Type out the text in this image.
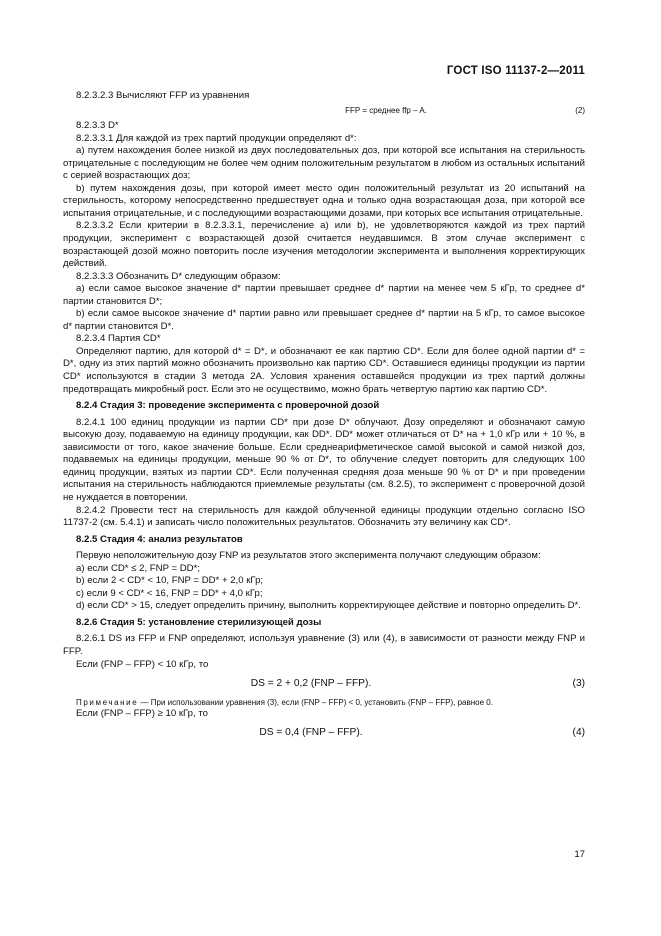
ГОСТ ISO 11137-2—2011

8.2.3.2.3 Вычисляют FFP из уравнения

FFP = среднее ffp – A.	(2)

8.2.3.3 D*

8.2.3.3.1 Для каждой из трех партий продукции определяют d*:

а) путем нахождения более низкой из двух последовательных доз, при которой все испытания на стерильность отрицательные с последующим не более чем одним положительным результатом в любом из остальных испытаний с серией возрастающих доз;

b) путем нахождения дозы, при которой имеет место один положительный результат из 20 испытаний на стерильность, которому непосредственно предшествует одна и только одна возрастающая доза, при которой все испытания отрицательные, и с последующими возрастающими дозами, при которых все испытания отрицательные.

8.2.3.3.2 Если критерии в 8.2.3.3.1, перечисление а) или b), не удовлетворяются каждой из трех партий продукции, эксперимент с возрастающей дозой считается неудавшимся. В этом случае эксперимент с возрастающей дозой можно повторить после изучения методологии эксперимента и выполнения корректирующих действий.

8.2.3.3.3 Обозначить D* следующим образом:

а) если самое высокое значение d* партии превышает среднее d* партии на менее чем 5 кГр, то среднее d* партии становится D*;

b) если самое высокое значение d* партии равно или превышает среднее d* партии на 5 кГр, то самое высокое d* партии становится D*.

8.2.3.4 Партия CD*

Определяют партию, для которой d* = D*, и обозначают ее как партию CD*. Если для более одной партии d* = D*, одну из этих партий можно обозначить произвольно как партию CD*. Оставшиеся единицы продукции из партии CD* используются в стадии 3 метода 2А. Условия хранения оставшейся продукции из трех партий должны предотвращать микробный рост. Если это не осуществимо, можно брать четвертую партию как партию CD*.

8.2.4 Стадия 3: проведение эксперимента с проверочной дозой

8.2.4.1 100 единиц продукции из партии CD* при дозе D* облучают. Дозу определяют и обозначают самую высокую дозу, подаваемую на единицу продукции, как DD*. DD* может отличаться от D* на + 1,0 кГр или + 10 %, в зависимости от того, какое значение больше. Если среднеарифметическое самой высокой и самой низкой доз, подаваемых на единицы продукции, меньше 90 % от D*, то облучение следует повторить для следующих 100 единиц продукции, взятых из партии CD*. Если полученная средняя доза меньше 90 % от D* и при проведении испытания на стерильность наблюдаются приемлемые результаты (см. 8.2.5), то эксперимент с проверочной дозой не нуждается в повторении.

8.2.4.2 Провести тест на стерильность для каждой облученной единицы продукции отдельно согласно ISO 11737-2 (см. 5.4.1) и записать число положительных результатов. Обозначить эту величину как CD*.

8.2.5 Стадия 4: анализ результатов

Первую неположительную дозу FNP из результатов этого эксперимента получают следующим образом:

а) если CD* ≤ 2, FNP = DD*;

b) если 2 < CD* < 10, FNP = DD* + 2,0 кГр;

c) если 9 < CD* < 16, FNP = DD* + 4,0 кГр;

d) если CD* > 15, следует определить причину, выполнить корректирующее действие и повторно определить D*.

8.2.6 Стадия 5: установление стерилизующей дозы

8.2.6.1 DS из FFP и FNP определяют, используя уравнение (3) или (4), в зависимости от разности между FNP и FFP.

Если (FNP – FFP) < 10 кГр, то

DS = 2 + 0,2 (FNP – FFP).	(3)

Примечание — При использовании уравнения (3), если (FNP – FFP) < 0, установить (FNP – FFP), равное 0.

Если (FNP – FFP) ≥ 10 кГр, то

DS = 0,4 (FNP – FFP).	(4)
17
